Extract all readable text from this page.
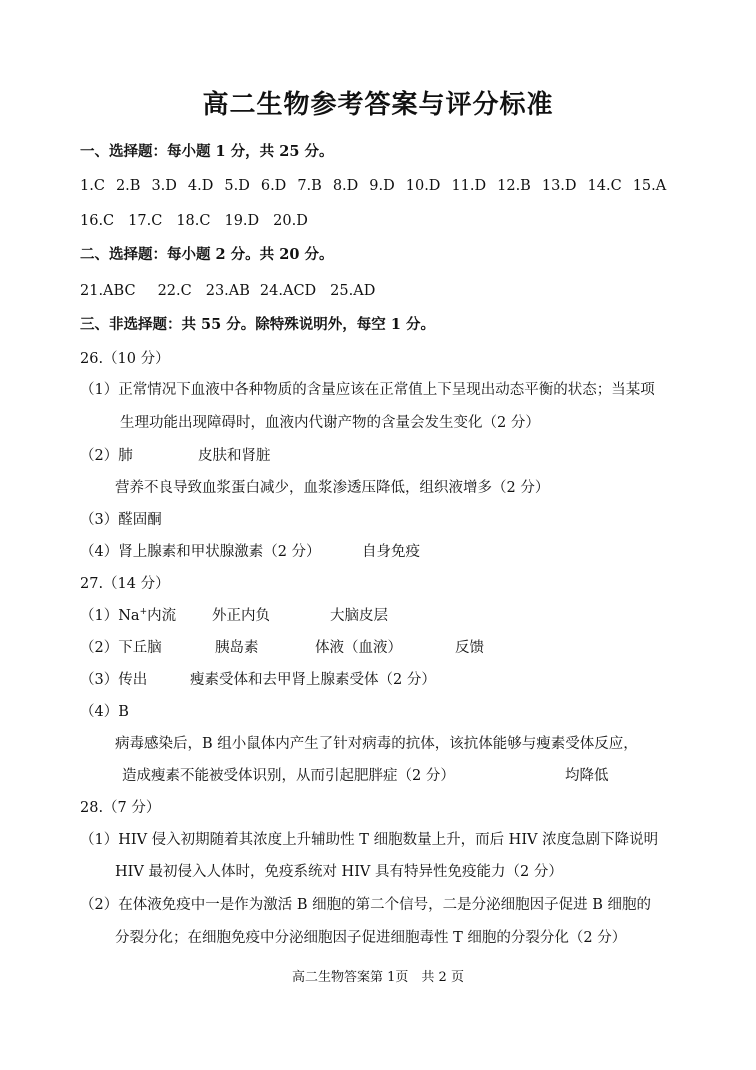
高二生物参考答案与评分标准
一、选择题：每小题 1 分，共 25 分。
1.C 2.B 3.D 4.D 5.D 6.D 7.B 8.D 9.D 10.D 11.D 12.B 13.D 14.C 15.A
16.C 17.C 18.C 19.D 20.D
二、选择题：每小题 2 分。共 20 分。
21.ABC 22.C 23.AB 24.ACD 25.AD
三、非选择题：共 55 分。除特殊说明外，每空 1 分。
26.（10 分）
（1）正常情况下血液中各种物质的含量应该在正常值上下呈现出动态平衡的状态；当某项
生理功能出现障碍时，血液内代谢产物的含量会发生变化（2 分）
（2）肺	皮肤和肾脏
营养不良导致血浆蛋白减少，血浆渗透压降低，组织液增多（2 分）
（3）醛固酮
（4）肾上腺素和甲状腺激素（2 分）	自身免疫
27.（14 分）
（1）Na+内流 外正内负	大脑皮层
（2）下丘脑	胰岛素	体液（血液）	反馈
（3）传出	瘦素受体和去甲肾上腺素受体（2 分）
（4）B
病毒感染后，B 组小鼠体内产生了针对病毒的抗体，该抗体能够与瘦素受体反应，
造成瘦素不能被受体识别，从而引起肥胖症（2 分）	均降低
28.（7 分）
（1）HIV 侵入初期随着其浓度上升辅助性 T 细胞数量上升，而后 HIV 浓度急剧下降说明
HIV 最初侵入人体时，免疫系统对 HIV 具有特异性免疫能力（2 分）
（2）在体液免疫中一是作为激活 B 细胞的第二个信号，二是分泌细胞因子促进 B 细胞的
分裂分化；在细胞免疫中分泌细胞因子促进细胞毒性 T 细胞的分裂分化（2 分）
高二生物答案第 1页　共 2 页
